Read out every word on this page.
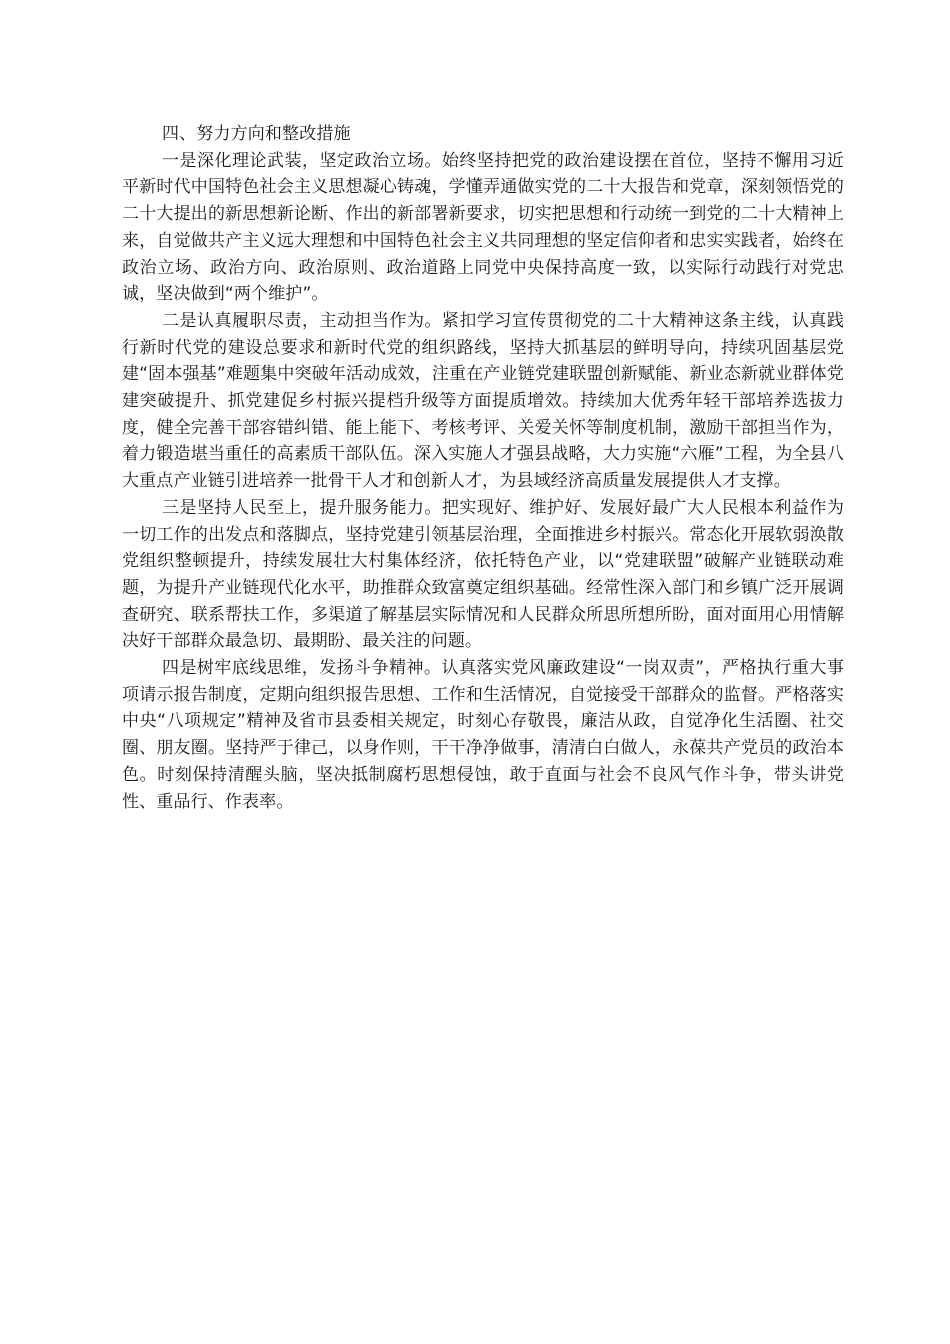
四、努力方向和整改措施

一是深化理论武装，坚定政治立场。始终坚持把党的政治建设摆在首位，坚持不懈用习近平新时代中国特色社会主义思想凝心铸魂，学懂弄通做实党的二十大报告和党章，深刻领悟党的二十大提出的新思想新论断、作出的新部署新要求，切实把思想和行动统一到党的二十大精神上来，自觉做共产主义远大理想和中国特色社会主义共同理想的坚定信仰者和忠实实践者，始终在政治立场、政治方向、政治原则、政治道路上同党中央保持高度一致，以实际行动践行对党忠诚，坚决做到“两个维护”。

二是认真履职尽责，主动担当作为。紧扣学习宣传贯彻党的二十大精神这条主线，认真践行新时代党的建设总要求和新时代党的组织路线，坚持大抓基层的鲜明导向，持续巩固基层党建“固本强基”难题集中突破年活动成效，注重在产业链党建联盟创新赋能、新业态新就业群体党建突破提升、抓党建促乡村振兴提档升级等方面提质增效。持续加大优秀年轻干部培养选拔力度，健全完善干部容错纠错、能上能下、考核考评、关爱关怀等制度机制，激励干部担当作为，着力锻造堪当重任的高素质干部队伍。深入实施人才强县战略，大力实施“六雁”工程，为全县八大重点产业链引进培养一批骨干人才和创新人才，为县域经济高质量发展提供人才支撑。

三是坚持人民至上，提升服务能力。把实现好、维护好、发展好最广大人民根本利益作为一切工作的出发点和落脚点，坚持党建引领基层治理，全面推进乡村振兴。常态化开展软弱涣散党组织整顿提升，持续发展壮大村集体经济，依托特色产业，以“党建联盟”破解产业链联动难题，为提升产业链现代化水平，助推群众致富奠定组织基础。经常性深入部门和乡镇广泛开展调查研究、联系帮扶工作，多渠道了解基层实际情况和人民群众所思所想所盼，面对面用心用情解决好干部群众最急切、最期盼、最关注的问题。

四是树牢底线思维，发扬斗争精神。认真落实党风廉政建设“一岗双责”，严格执行重大事项请示报告制度，定期向组织报告思想、工作和生活情况，自觉接受干部群众的监督。严格落实中央“八项规定”精神及省市县委相关规定，时刻心存敬畏，廉洁从政，自觉净化生活圈、社交圈、朋友圈。坚持严于律己，以身作则，干干净净做事，清清白白做人，永葆共产党员的政治本色。时刻保持清醒头脑，坚决抵制腐朽思想侵蚀，敢于直面与社会不良风气作斗争，带头讲党性、重品行、作表率。
